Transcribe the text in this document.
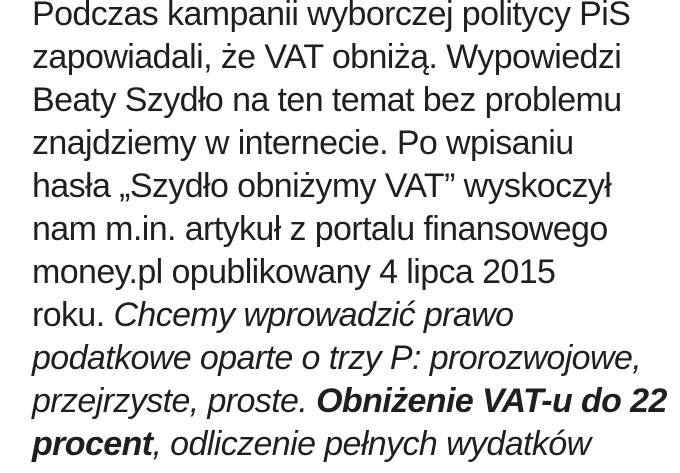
Podczas kampanii wyborczej politycy PiS
zapowiadali, że VAT obniżą. Wypowiedzi
Beaty Szydło na ten temat bez problemu
znajdziemy w internecie. Po wpisaniu
hasła „Szydło obniżymy VAT” wyskoczył
nam m.in. artykuł z portalu finansowego
money.pl opublikowany 4 lipca 2015
roku. Chcemy wprowadzić prawo
podatkowe oparte o trzy P: prorozwojowe,
przejrzyste, proste. Obniżenie VAT-u do 22
procent, odliczenie pełnych wydatków
